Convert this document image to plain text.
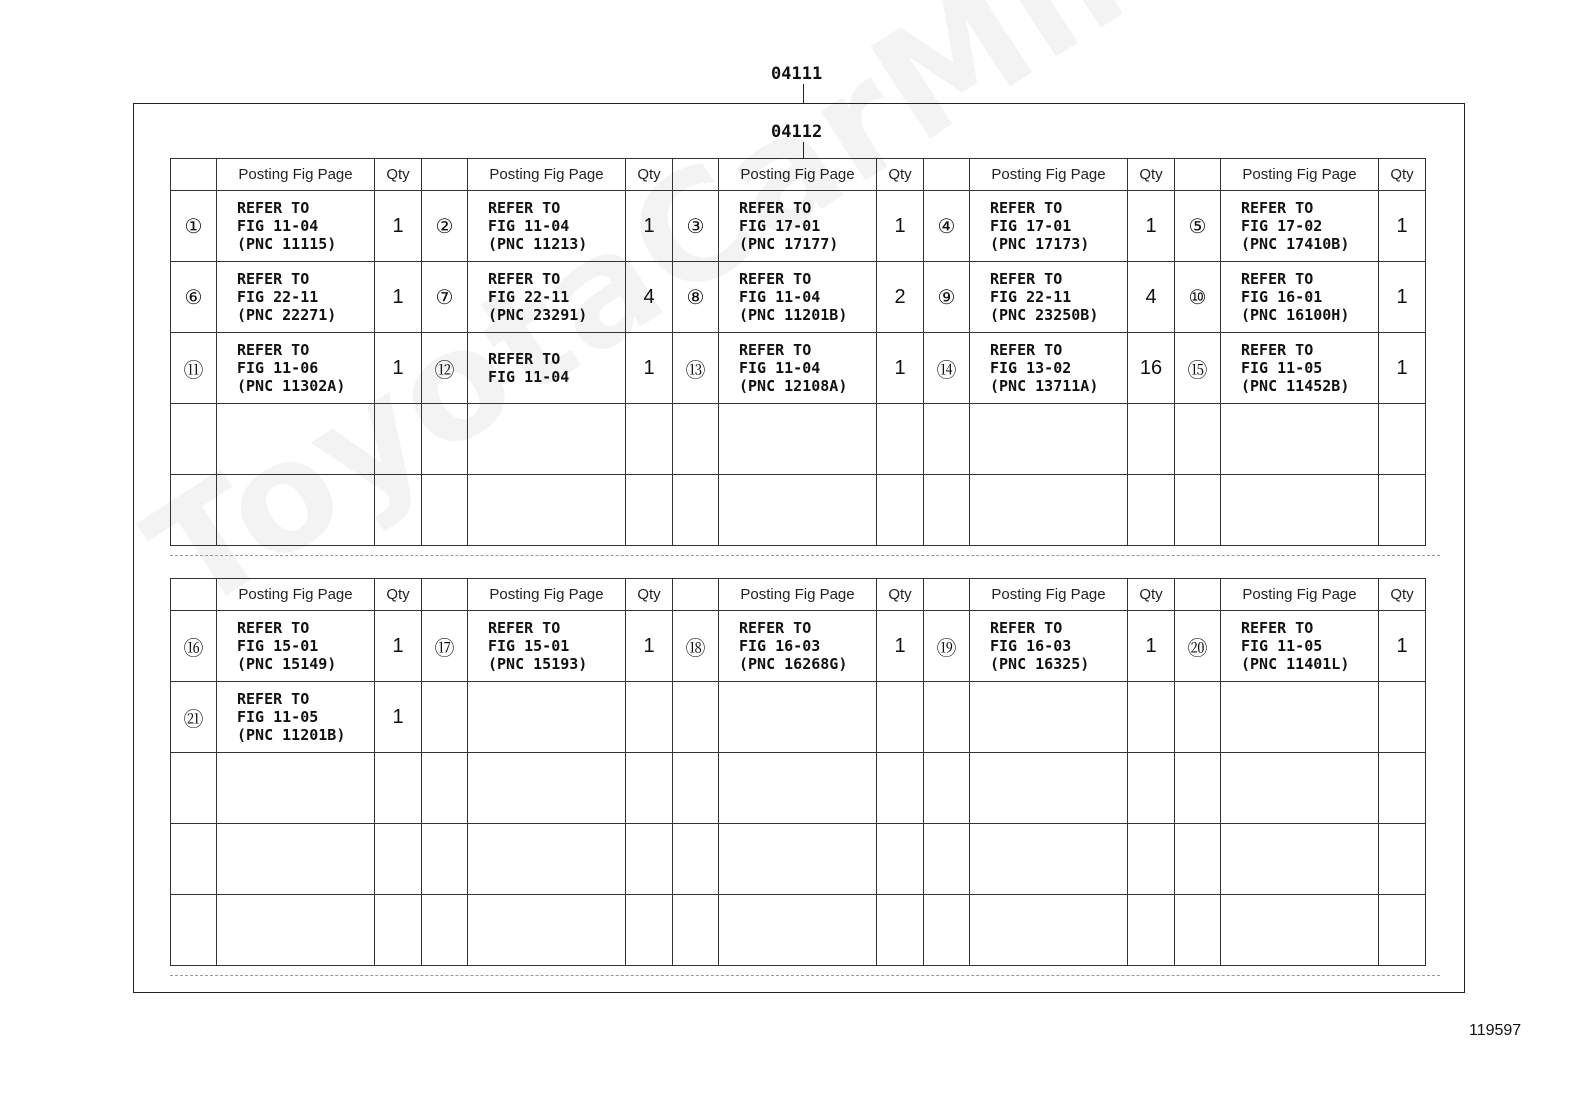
04111
04112
	Posting Fig Page	Qty		Posting Fig Page	Qty		Posting Fig Page	Qty		Posting Fig Page	Qty		Posting Fig Page	Qty
①	REFER TO
FIG 11-04
(PNC 11115)	1	②	REFER TO
FIG 11-04
(PNC 11213)	1	③	REFER TO
FIG 17-01
(PNC 17177)	1	④	REFER TO
FIG 17-01
(PNC 17173)	1	⑤	REFER TO
FIG 17-02
(PNC 17410B)	1
⑥	REFER TO
FIG 22-11
(PNC 22271)	1	⑦	REFER TO
FIG 22-11
(PNC 23291)	4	⑧	REFER TO
FIG 11-04
(PNC 11201B)	2	⑨	REFER TO
FIG 22-11
(PNC 23250B)	4	⑩	REFER TO
FIG 16-01
(PNC 16100H)	1
⑪	REFER TO
FIG 11-06
(PNC 11302A)	1	⑫	REFER TO
FIG 11-04	1	⑬	REFER TO
FIG 11-04
(PNC 12108A)	1	⑭	REFER TO
FIG 13-02
(PNC 13711A)	16	⑮	REFER TO
FIG 11-05
(PNC 11452B)	1

	Posting Fig Page	Qty		Posting Fig Page	Qty		Posting Fig Page	Qty		Posting Fig Page	Qty		Posting Fig Page	Qty
⑯	REFER TO
FIG 15-01
(PNC 15149)	1	⑰	REFER TO
FIG 15-01
(PNC 15193)	1	⑱	REFER TO
FIG 16-03
(PNC 16268G)	1	⑲	REFER TO
FIG 16-03
(PNC 16325)	1	⑳	REFER TO
FIG 11-05
(PNC 11401L)	1
㉑	REFER TO
FIG 11-05
(PNC 11201B)	1												

119597
